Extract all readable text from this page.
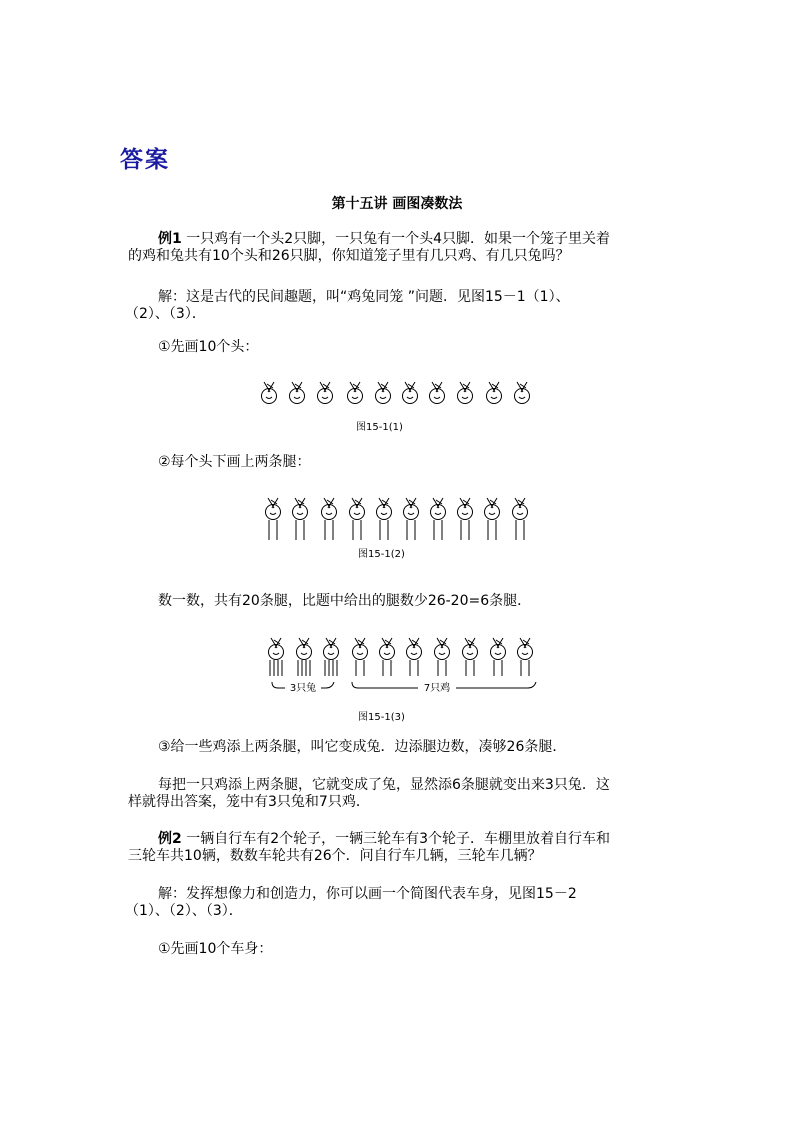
答案
第十五讲 画图凑数法
例1 一只鸡有一个头2只脚，一只兔有一个头4只脚．如果一个笼子里关着
的鸡和兔共有10个头和26只脚，你知道笼子里有几只鸡、有几只兔吗？
解：这是古代的民间趣题，叫“鸡兔同笼 ”问题．见图15－1（1）、
（2）、（3）．
①先画10个头：
图15-1(1)
②每个头下画上两条腿：
图15-1(2)
数一数，共有20条腿，比题中给出的腿数少26-20=6条腿．
3只兔	7只鸡
图15-1(3)
③给一些鸡添上两条腿，叫它变成兔．边添腿边数，凑够26条腿．
每把一只鸡添上两条腿，它就变成了兔，显然添6条腿就变出来3只兔．这
样就得出答案，笼中有3只兔和7只鸡．
例2 一辆自行车有2个轮子，一辆三轮车有3个轮子．车棚里放着自行车和
三轮车共10辆，数数车轮共有26个．问自行车几辆，三轮车几辆？
解：发挥想像力和创造力，你可以画一个简图代表车身，见图15－2
（1）、（2）、（3）．
①先画10个车身：
